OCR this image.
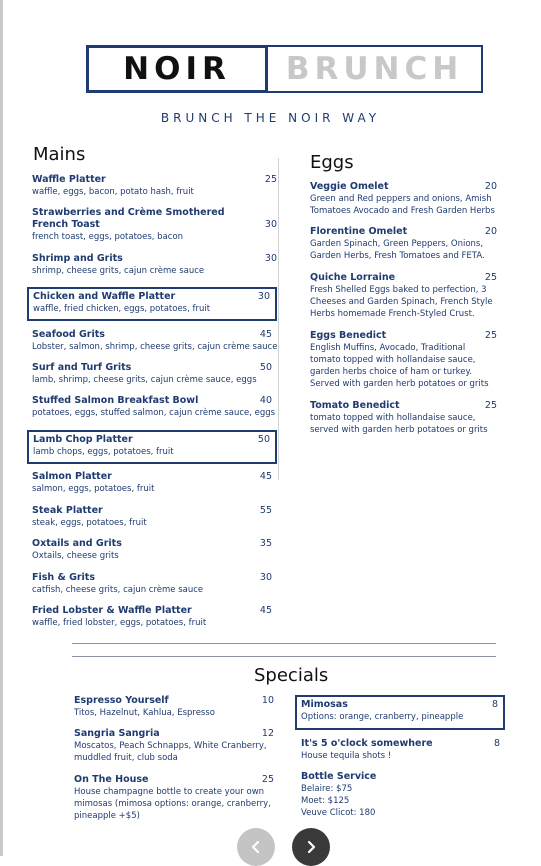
NOIR	BRUNCH
BRUNCH THE NOIR WAY
Mains
Waffle Platter	25
waffle, eggs, bacon, potato hash, fruit
Strawberries and Crème Smothered French Toast	30
french toast, eggs, potatoes, bacon
Shrimp and Grits	30
shrimp, cheese grits, cajun crème sauce
Chicken and Waffle Platter	30
waffle, fried chicken, eggs, potatoes, fruit
Seafood Grits	45
Lobster, salmon, shrimp, cheese grits, cajun crème sauce
Surf and Turf Grits	50
lamb, shrimp, cheese grits, cajun crème sauce, eggs
Stuffed Salmon Breakfast Bowl	40
potatoes, eggs, stuffed salmon, cajun crème sauce, eggs
Lamb Chop Platter	50
lamb chops, eggs, potatoes, fruit
Salmon Platter	45
salmon, eggs, potatoes, fruit
Steak Platter	55
steak, eggs, potatoes, fruit
Oxtails and Grits	35
Oxtails, cheese grits
Fish & Grits	30
catfish, cheese grits, cajun crème sauce
Fried Lobster & Waffle Platter	45
waffle, fried lobster, eggs, potatoes, fruit
Eggs
Veggie Omelet	20
Green and Red peppers and onions, Amish Tomatoes Avocado and Fresh Garden Herbs
Florentine Omelet	20
Garden Spinach, Green Peppers, Onions, Garden Herbs, Fresh Tomatoes and FETA.
Quiche Lorraine	25
Fresh Shelled Eggs baked to perfection, 3 Cheeses and Garden Spinach, French Style Herbs homemade French-Styled Crust.
Eggs Benedict	25
English Muffins, Avocado, Traditional tomato topped with hollandaise sauce, garden herbs choice of ham or turkey. Served with garden herb potatoes or grits
Tomato Benedict	25
tomato topped with hollandaise sauce, served with garden herb potatoes or grits
Specials
Espresso Yourself	10
Titos, Hazelnut, Kahlua, Espresso
Sangria Sangria	12
Moscatos, Peach Schnapps, White Cranberry, muddled fruit, club soda
On The House	25
House champagne bottle to create your own mimosas (mimosa options: orange, cranberry, pineapple +$5)
Mimosas	8
Options: orange, cranberry, pineapple
It's 5 o'clock somewhere	8
House tequila shots !
Bottle Service
Belaire: $75
Moet: $125
Veuve Clicot: 180
